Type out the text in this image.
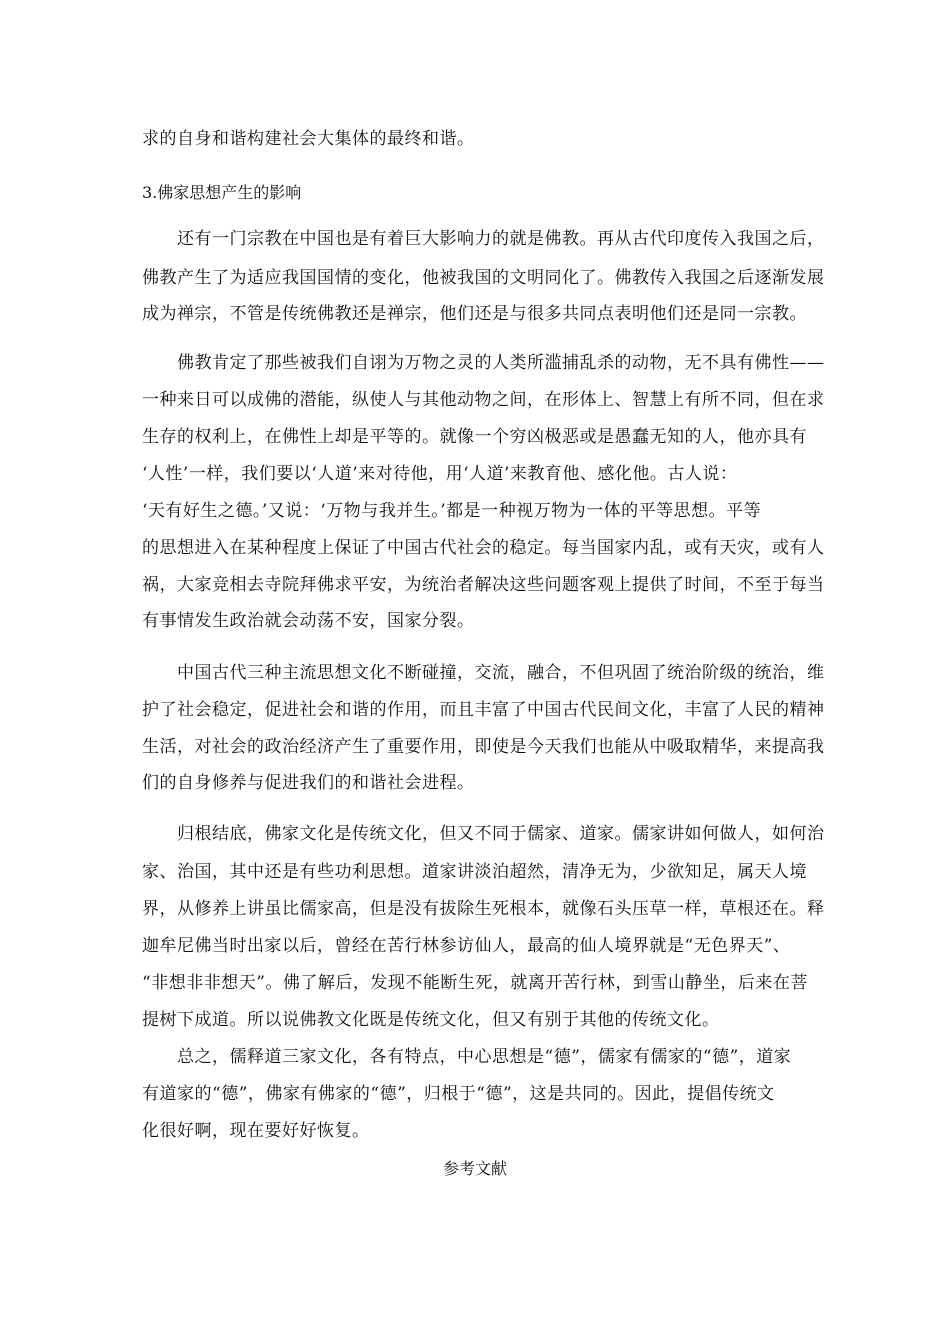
求的自身和谐构建社会大集体的最终和谐。
3.佛家思想产生的影响
　　还有一门宗教在中国也是有着巨大影响力的就是佛教。再从古代印度传入我国之后，
佛教产生了为适应我国国情的变化，他被我国的文明同化了。佛教传入我国之后逐渐发展
成为禅宗，不管是传统佛教还是禅宗，他们还是与很多共同点表明他们还是同一宗教。
　　佛教肯定了那些被我们自诩为万物之灵的人类所滥捕乱杀的动物，无不具有佛性——
一种来日可以成佛的潜能，纵使人与其他动物之间，在形体上、智慧上有所不同，但在求
生存的权利上，在佛性上却是平等的。就像一个穷凶极恶或是愚蠢无知的人，他亦具有
‘人性’一样，我们要以‘人道’来对待他，用‘人道’来教育他、感化他。古人说：
‘天有好生之德。’又说：‘万物与我并生。’都是一种视万物为一体的平等思想。平等
的思想进入在某种程度上保证了中国古代社会的稳定。每当国家内乱，或有天灾，或有人
祸，大家竞相去寺院拜佛求平安，为统治者解决这些问题客观上提供了时间，不至于每当
有事情发生政治就会动荡不安，国家分裂。
　　中国古代三种主流思想文化不断碰撞，交流，融合，不但巩固了统治阶级的统治，维
护了社会稳定，促进社会和谐的作用，而且丰富了中国古代民间文化，丰富了人民的精神
生活，对社会的政治经济产生了重要作用，即使是今天我们也能从中吸取精华，来提高我
们的自身修养与促进我们的和谐社会进程。
　　归根结底，佛家文化是传统文化，但又不同于儒家、道家。儒家讲如何做人，如何治
家、治国，其中还是有些功利思想。道家讲淡泊超然，清净无为，少欲知足，属天人境
界，从修养上讲虽比儒家高，但是没有拔除生死根本，就像石头压草一样，草根还在。释
迦牟尼佛当时出家以后，曾经在苦行林参访仙人，最高的仙人境界就是“无色界天”、
“非想非非想天”。佛了解后，发现不能断生死，就离开苦行林，到雪山静坐，后来在菩
提树下成道。所以说佛教文化既是传统文化，但又有别于其他的传统文化。
　　总之，儒释道三家文化，各有特点，中心思想是“德”，儒家有儒家的“德”，道家
有道家的“德”，佛家有佛家的“德”，归根于“德”，这是共同的。因此，提倡传统文
化很好啊，现在要好好恢复。
参考文献
